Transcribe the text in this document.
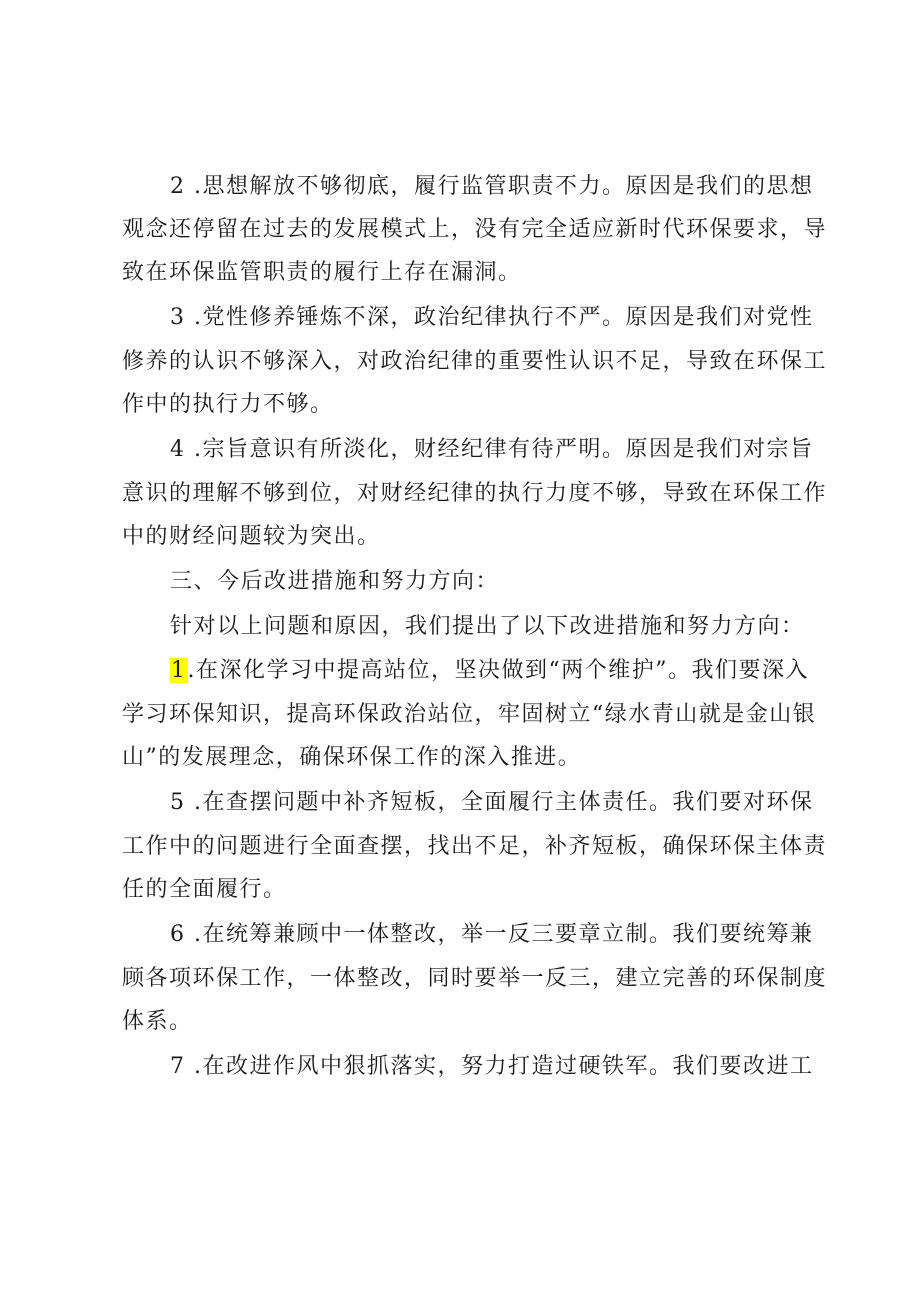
2 .思想解放不够彻底，履行监管职责不力。原因是我们的思想
观念还停留在过去的发展模式上，没有完全适应新时代环保要求，导
致在环保监管职责的履行上存在漏洞。
3 .党性修养锤炼不深，政治纪律执行不严。原因是我们对党性
修养的认识不够深入，对政治纪律的重要性认识不足，导致在环保工
作中的执行力不够。
4 .宗旨意识有所淡化，财经纪律有待严明。原因是我们对宗旨
意识的理解不够到位，对财经纪律的执行力度不够，导致在环保工作
中的财经问题较为突出。
三、今后改进措施和努力方向：
针对以上问题和原因，我们提出了以下改进措施和努力方向：
1.在深化学习中提高站位，坚决做到“两个维护”。我们要深入
学习环保知识，提高环保政治站位，牢固树立“绿水青山就是金山银
山”的发展理念，确保环保工作的深入推进。
5 .在查摆问题中补齐短板，全面履行主体责任。我们要对环保
工作中的问题进行全面查摆，找出不足，补齐短板，确保环保主体责
任的全面履行。
6 .在统筹兼顾中一体整改，举一反三要章立制。我们要统筹兼
顾各项环保工作，一体整改，同时要举一反三，建立完善的环保制度
体系。
7 .在改进作风中狠抓落实，努力打造过硬铁军。我们要改进工
